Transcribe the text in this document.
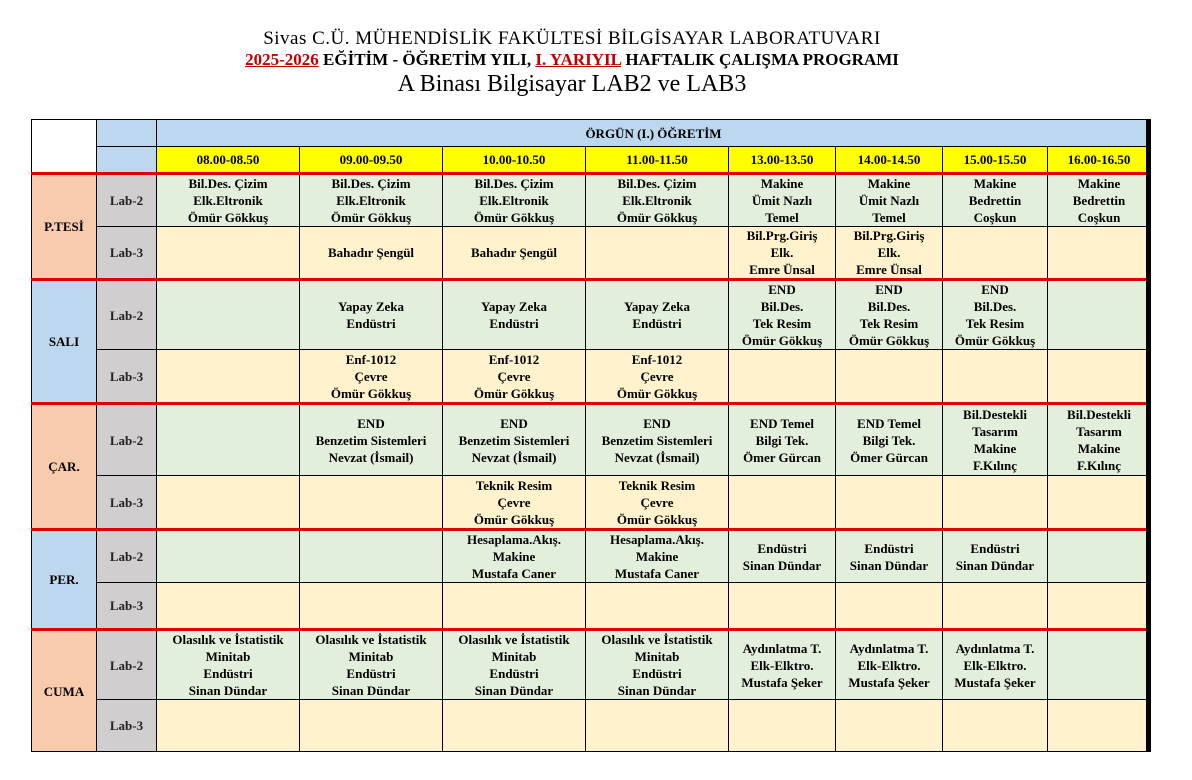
Sivas C.Ü. MÜHENDİSLİK FAKÜLTESİ BİLGİSAYAR LABORATUVARI
2025-2026 EĞİTİM - ÖĞRETİM YILI, I. YARIYIL HAFTALIK ÇALIŞMA PROGRAMI
A Binası Bilgisayar LAB2 ve LAB3
		ÖRGÜN (I.) ÖĞRETİM							
		08.00-08.50	09.00-09.50	10.00-10.50	11.00-11.50	13.00-13.50	14.00-14.50	15.00-15.50	16.00-16.50
P.TESİ	Lab-2	Bil.Des. Çizim
Elk.Eltronik
Ömür Gökkuş	Bil.Des. Çizim
Elk.Eltronik
Ömür Gökkuş	Bil.Des. Çizim
Elk.Eltronik
Ömür Gökkuş	Bil.Des. Çizim
Elk.Eltronik
Ömür Gökkuş	Makine
Ümit Nazlı
Temel	Makine
Ümit Nazlı
Temel	Makine
Bedrettin
Coşkun	Makine
Bedrettin
Coşkun

	Lab-3		Bahadır Şengül	Bahadır Şengül		Bil.Prg.Giriş
Elk.
Emre Ünsal	Bil.Prg.Giriş
Elk.
Emre Ünsal		

SALI	Lab-2		Yapay Zeka
Endüstri	Yapay Zeka
Endüstri	Yapay Zeka
Endüstri	END
Bil.Des.
Tek Resim
Ömür Gökkuş	END
Bil.Des.
Tek Resim
Ömür Gökkuş	END
Bil.Des.
Tek Resim
Ömür Gökkuş	

	Lab-3		Enf-1012
Çevre
Ömür Gökkuş	Enf-1012
Çevre
Ömür Gökkuş	Enf-1012
Çevre
Ömür Gökkuş				

ÇAR.	Lab-2		END
Benzetim Sistemleri
Nevzat (İsmail)	END
Benzetim Sistemleri
Nevzat (İsmail)	END
Benzetim Sistemleri
Nevzat (İsmail)	END Temel
Bilgi Tek.
Ömer Gürcan	END Temel
Bilgi Tek.
Ömer Gürcan	Bil.Destekli
Tasarım
Makine
F.Kılınç	Bil.Destekli
Tasarım
Makine
F.Kılınç

	Lab-3			Teknik Resim
Çevre
Ömür Gökkuş	Teknik Resim
Çevre
Ömür Gökkuş				

PER.	Lab-2			Hesaplama.Akış.
Makine
Mustafa Caner	Hesaplama.Akış.
Makine
Mustafa Caner	Endüstri
Sinan Dündar	Endüstri
Sinan Dündar	Endüstri
Sinan Dündar	

	Lab-3								
CUMA	Lab-2	Olasılık ve İstatistik
Minitab
Endüstri
Sinan Dündar	Olasılık ve İstatistik
Minitab
Endüstri
Sinan Dündar	Olasılık ve İstatistik
Minitab
Endüstri
Sinan Dündar	Olasılık ve İstatistik
Minitab
Endüstri
Sinan Dündar	Aydınlatma T.
Elk-Elktro.
Mustafa Şeker	Aydınlatma T.
Elk-Elktro.
Mustafa Şeker	Aydınlatma T.
Elk-Elktro.
Mustafa Şeker	

	Lab-3								
